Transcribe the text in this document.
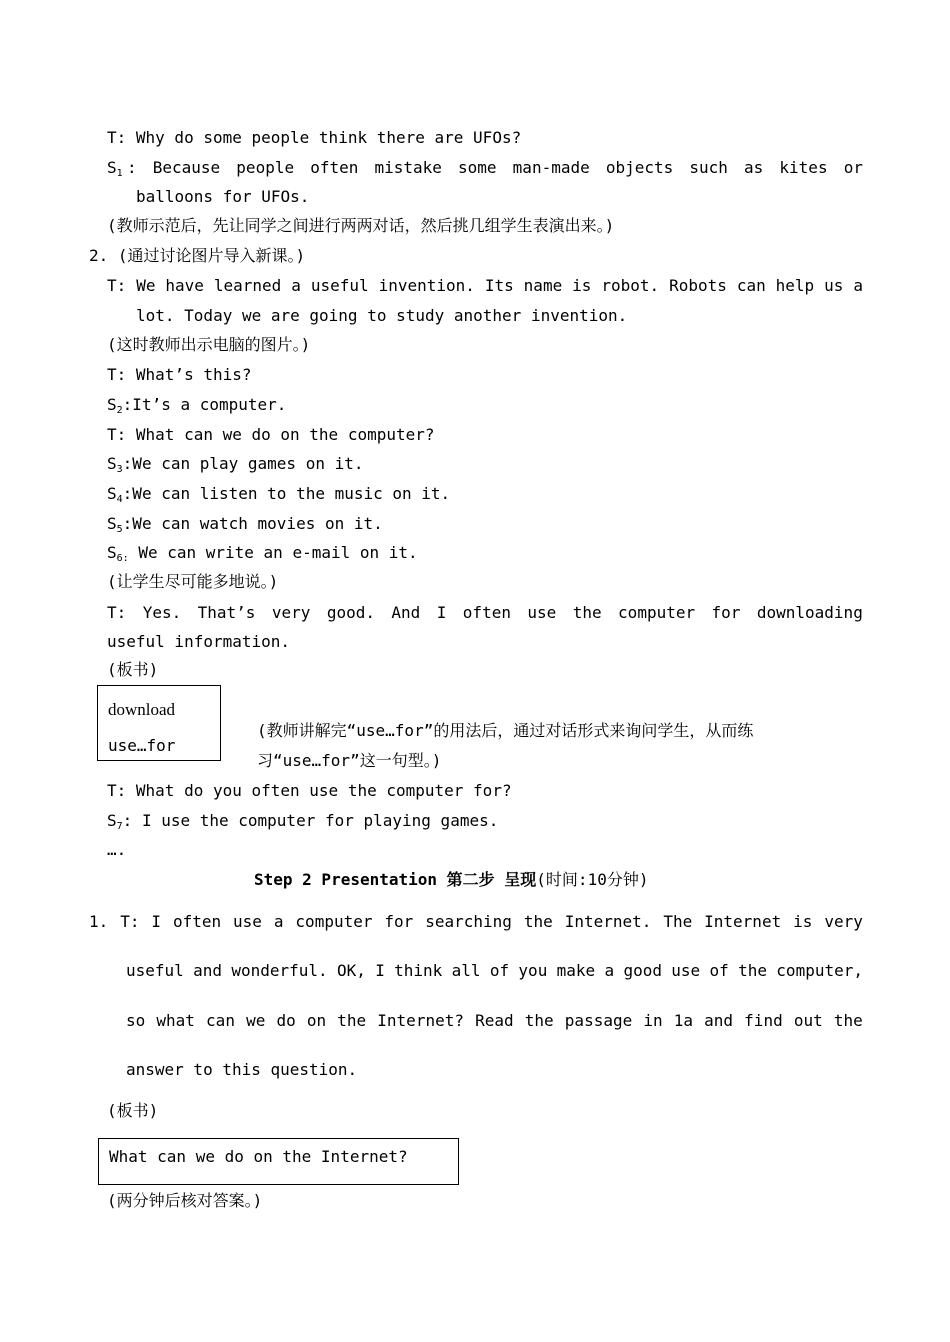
T: Why do some people think there are UFOs?
$S_1$ : Because people often mistake some man-made objects such as kites or
balloons for UFOs.
(教师示范后，先让同学之间进行两两对话，然后挑几组学生表演出来。)
2. (通过讨论图片导入新课。)
T: We have learned a useful invention. Its name is robot. Robots can help us a
lot. Today we are going to study another invention.
(这时教师出示电脑的图片。)
T: What’s this?
$S_2:It’s$ a computer.
T: What can we do on the computer?
$S_3:We$ can play games on it.
$S_4:We$ can listen to the music on it.
$S_5:We$ can watch movies on it.
$S_{6:}$ We can write an e-mail on it.
(让学生尽可能多地说。)
T: Yes. That’s very good. And I often use the computer for downloading
useful information.
(板书)
download
use…for
(教师讲解完“use…for”的用法后，通过对话形式来询问学生，从而练
习“use…for”这一句型。)
T: What do you often use the computer for?
$S_7$: I use the computer for playing games.
….
Step 2 Presentation 第二步 呈现(时间:10分钟)
1. T: I often use a computer for searching the Internet. The Internet is very
useful and wonderful. OK, I think all of you make a good use of the computer,
so what can we do on the Internet? Read the passage in 1a and find out the
answer to this question.
(板书)
What can we do on the Internet?
(两分钟后核对答案。)
